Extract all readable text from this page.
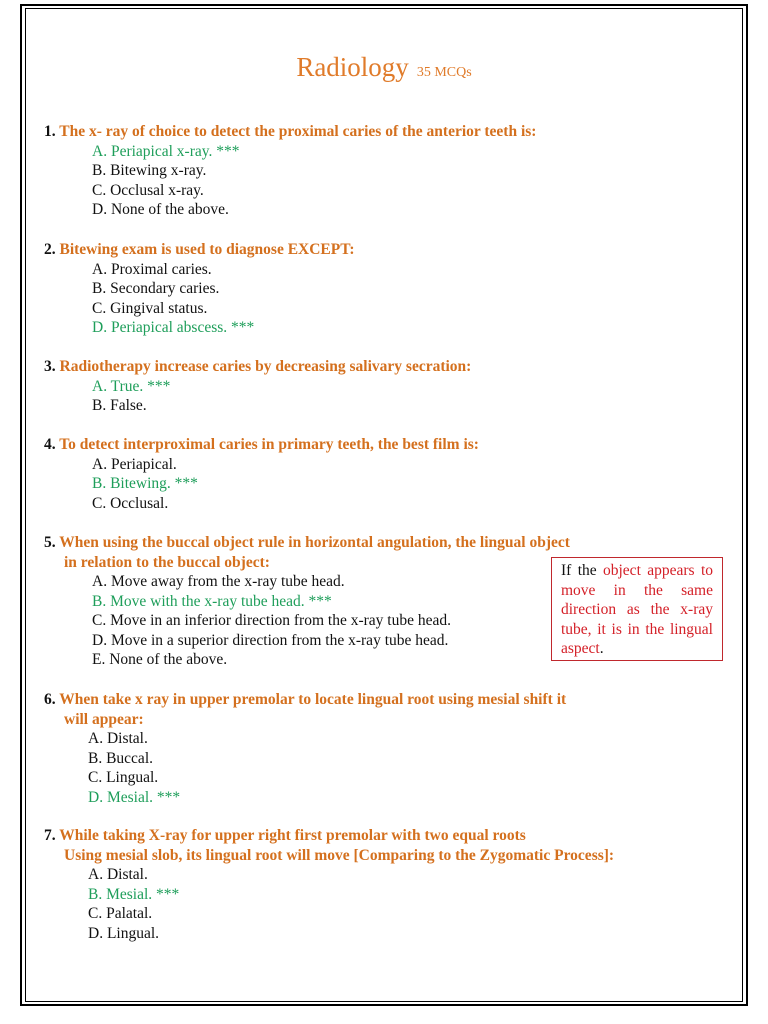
Radiology 35 MCQs
1. The x- ray of choice to detect the proximal caries of the anterior teeth is:
A. Periapical x-ray. ***
B. Bitewing x-ray.
C. Occlusal x-ray.
D. None of the above.
2. Bitewing exam is used to diagnose EXCEPT:
A. Proximal caries.
B. Secondary caries.
C. Gingival status.
D. Periapical abscess. ***
3. Radiotherapy increase caries by decreasing salivary secration:
A. True. ***
B. False.
4. To detect interproximal caries in primary teeth, the best film is:
A. Periapical.
B. Bitewing. ***
C. Occlusal.
5. When using the buccal object rule in horizontal angulation, the lingual object
in relation to the buccal object:
A. Move away from the x-ray tube head.
B. Move with the x-ray tube head. ***
C. Move in an inferior direction from the x-ray tube head.
D. Move in a superior direction from the x-ray tube head.
E. None of the above.
If the object appears to move in the same direction as the x-ray tube, it is in the lingual aspect.
6. When take x ray in upper premolar to locate lingual root using mesial shift it
will appear:
A. Distal.
B. Buccal.
C. Lingual.
D. Mesial. ***
7. While taking X-ray for upper right first premolar with two equal roots
Using mesial slob, its lingual root will move [Comparing to the Zygomatic Process]:
A. Distal.
B. Mesial. ***
C. Palatal.
D. Lingual.
